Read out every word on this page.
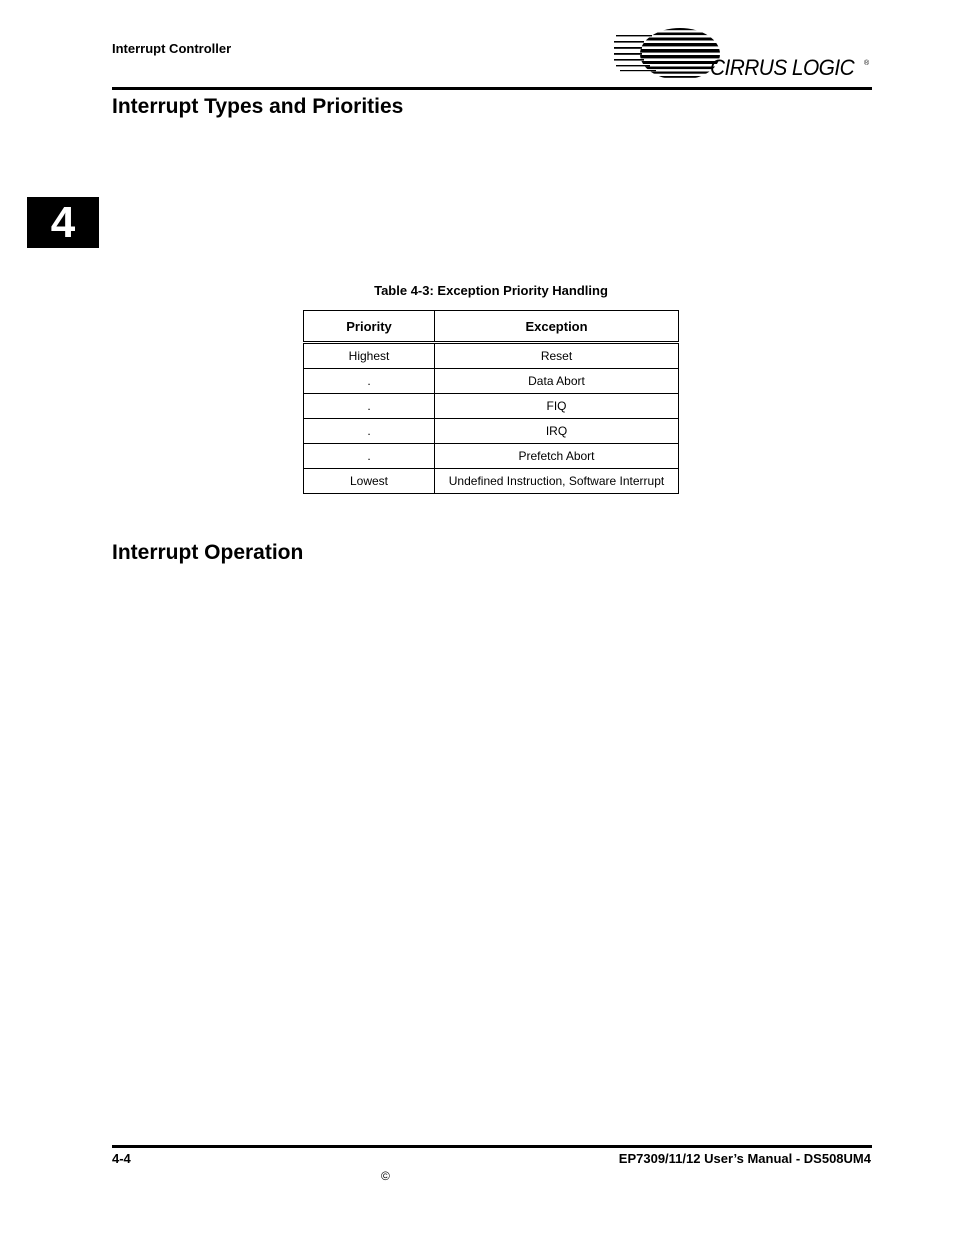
Interrupt Controller
CIRRUS LOGIC ®
Interrupt Types and Priorities
4
Table 4-3: Exception Priority Handling
Priority	Exception
Highest	Reset
.	Data Abort
.	FIQ
.	IRQ
.	Prefetch Abort
Lowest	Undefined Instruction, Software Interrupt
Interrupt Operation
4-4	EP7309/11/12 User’s Manual - DS508UM4
©
